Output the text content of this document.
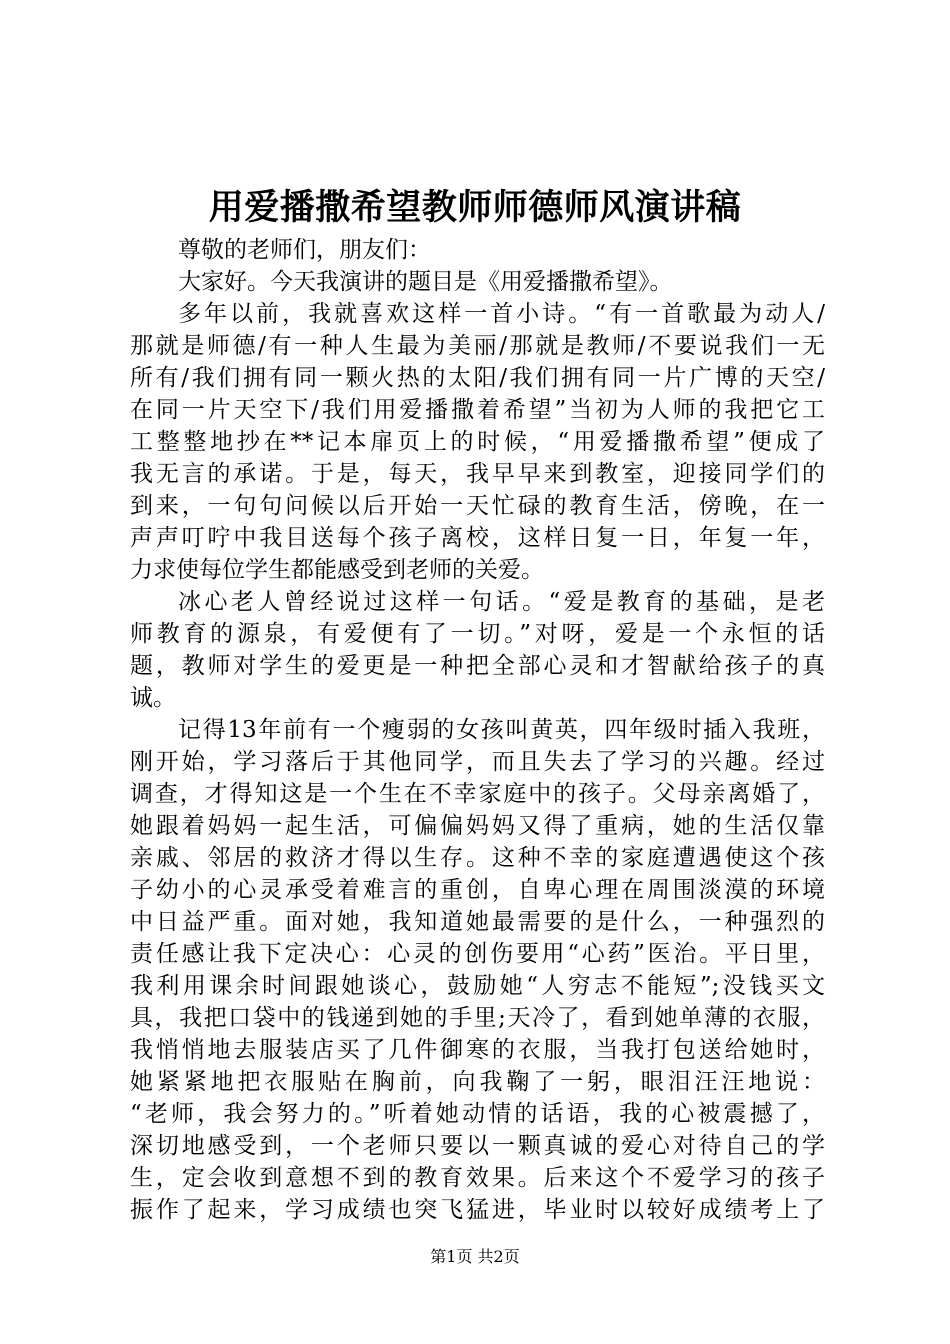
用爱播撒希望教师师德师风演讲稿
尊敬的老师们，朋友们：
大家好。今天我演讲的题目是《用爱播撒希望》。
多年以前，我就喜欢这样一首小诗。“有一首歌最为动人/
那就是师德/有一种人生最为美丽/那就是教师/不要说我们一无
所有/我们拥有同一颗火热的太阳/我们拥有同一片广博的天空/
在同一片天空下/我们用爱播撒着希望”当初为人师的我把它工
工整整地抄在**记本扉页上的时候，“用爱播撒希望”便成了
我无言的承诺。于是，每天，我早早来到教室，迎接同学们的
到来，一句句问候以后开始一天忙碌的教育生活，傍晚，在一
声声叮咛中我目送每个孩子离校，这样日复一日，年复一年，
力求使每位学生都能感受到老师的关爱。
冰心老人曾经说过这样一句话。“爱是教育的基础，是老
师教育的源泉，有爱便有了一切。”对呀，爱是一个永恒的话
题，教师对学生的爱更是一种把全部心灵和才智献给孩子的真
诚。
记得13年前有一个瘦弱的女孩叫黄英，四年级时插入我班，
刚开始，学习落后于其他同学，而且失去了学习的兴趣。经过
调查，才得知这是一个生在不幸家庭中的孩子。父母亲离婚了，
她跟着妈妈一起生活，可偏偏妈妈又得了重病，她的生活仅靠
亲戚、邻居的救济才得以生存。这种不幸的家庭遭遇使这个孩
子幼小的心灵承受着难言的重创，自卑心理在周围淡漠的环境
中日益严重。面对她，我知道她最需要的是什么，一种强烈的
责任感让我下定决心：心灵的创伤要用“心药”医治。平日里，
我利用课余时间跟她谈心，鼓励她“人穷志不能短”;没钱买文
具，我把口袋中的钱递到她的手里;天冷了，看到她单薄的衣服，
我悄悄地去服装店买了几件御寒的衣服，当我打包送给她时，
她紧紧地把衣服贴在胸前，向我鞠了一躬，眼泪汪汪地说：
“老师，我会努力的。”听着她动情的话语，我的心被震撼了，
深切地感受到，一个老师只要以一颗真诚的爱心对待自己的学
生，定会收到意想不到的教育效果。后来这个不爱学习的孩子
振作了起来，学习成绩也突飞猛进，毕业时以较好成绩考上了
第1页 共2页
